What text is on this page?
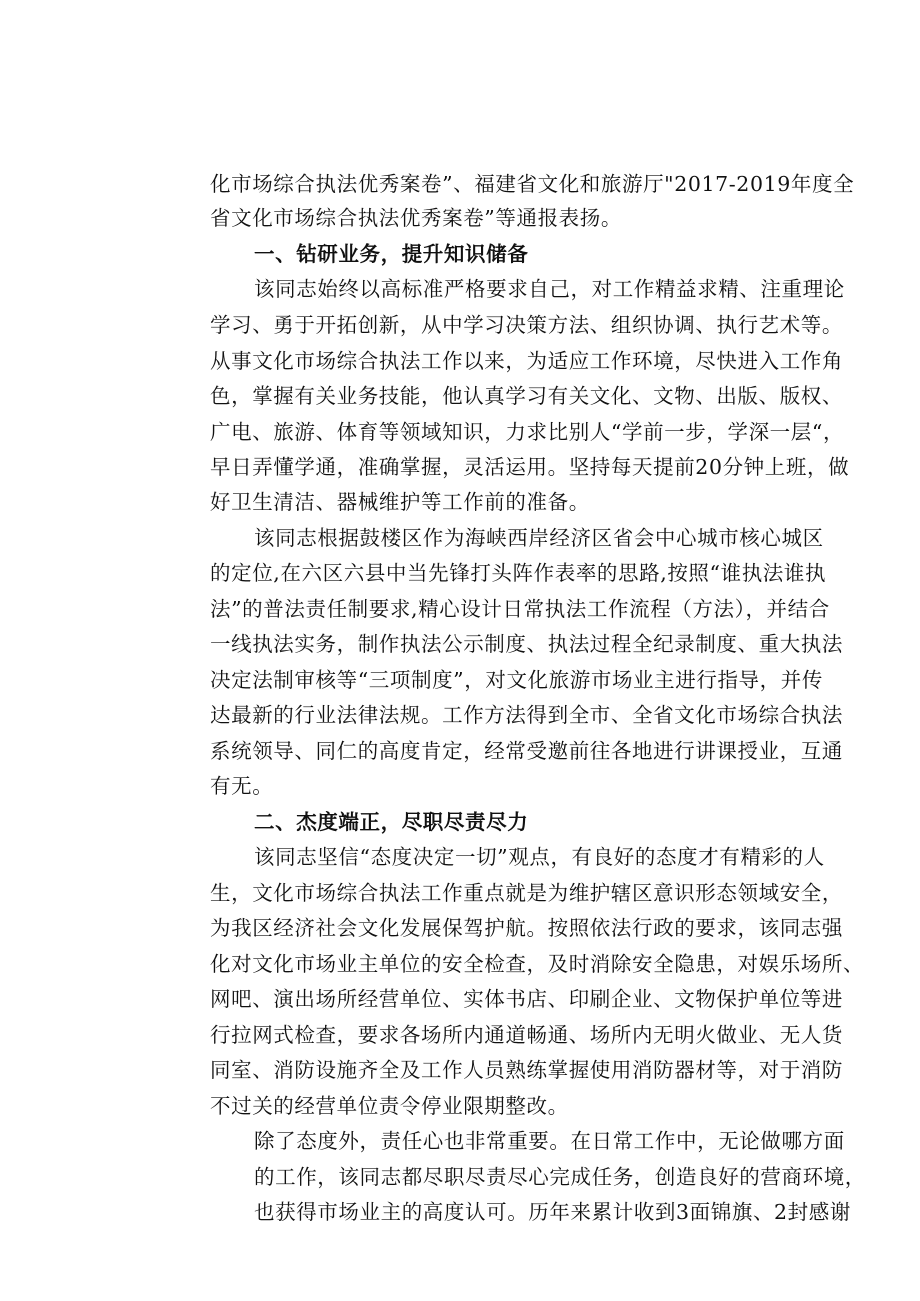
化市场综合执法优秀案卷”、福建省文化和旅游厅"2017-2019年度全
省文化市场综合执法优秀案卷”等通报表扬。
一、钻研业务，提升知识储备
该同志始终以高标准严格要求自己，对工作精益求精、注重理论
学习、勇于开拓创新，从中学习决策方法、组织协调、执行艺术等。
从事文化市场综合执法工作以来，为适应工作环境，尽快进入工作角
色，掌握有关业务技能，他认真学习有关文化、文物、出版、版权、
广电、旅游、体育等领域知识，力求比别人“学前一步，学深一层“，
早日弄懂学通，准确掌握，灵活运用。坚持每天提前20分钟上班，做
好卫生清洁、器械维护等工作前的准备。
该同志根据鼓楼区作为海峡西岸经济区省会中心城市核心城区
的定位,在六区六县中当先锋打头阵作表率的思路,按照“谁执法谁执
法”的普法责任制要求,精心设计日常执法工作流程（方法），并结合
一线执法实务，制作执法公示制度、执法过程全纪录制度、重大执法
决定法制审核等“三项制度”，对文化旅游市场业主进行指导，并传
达最新的行业法律法规。工作方法得到全市、全省文化市场综合执法
系统领导、同仁的高度肯定，经常受邀前往各地进行讲课授业，互通
有无。
二、杰度端正，尽职尽责尽力
该同志坚信“态度决定一切”观点，有良好的态度才有精彩的人
生，文化市场综合执法工作重点就是为维护辖区意识形态领域安全，
为我区经济社会文化发展保驾护航。按照依法行政的要求，该同志强
化对文化市场业主单位的安全检查，及时消除安全隐患，对娱乐场所、
网吧、演出场所经营单位、实体书店、印刷企业、文物保护单位等进
行拉网式检查，要求各场所内通道畅通、场所内无明火做业、无人货
同室、消防设施齐全及工作人员熟练掌握使用消防器材等，对于消防
不过关的经营单位责令停业限期整改。
除了态度外，责任心也非常重要。在日常工作中，无论做哪方面
的工作，该同志都尽职尽责尽心完成任务，创造良好的营商环境，
也获得市场业主的高度认可。历年来累计收到3面锦旗、2封感谢
